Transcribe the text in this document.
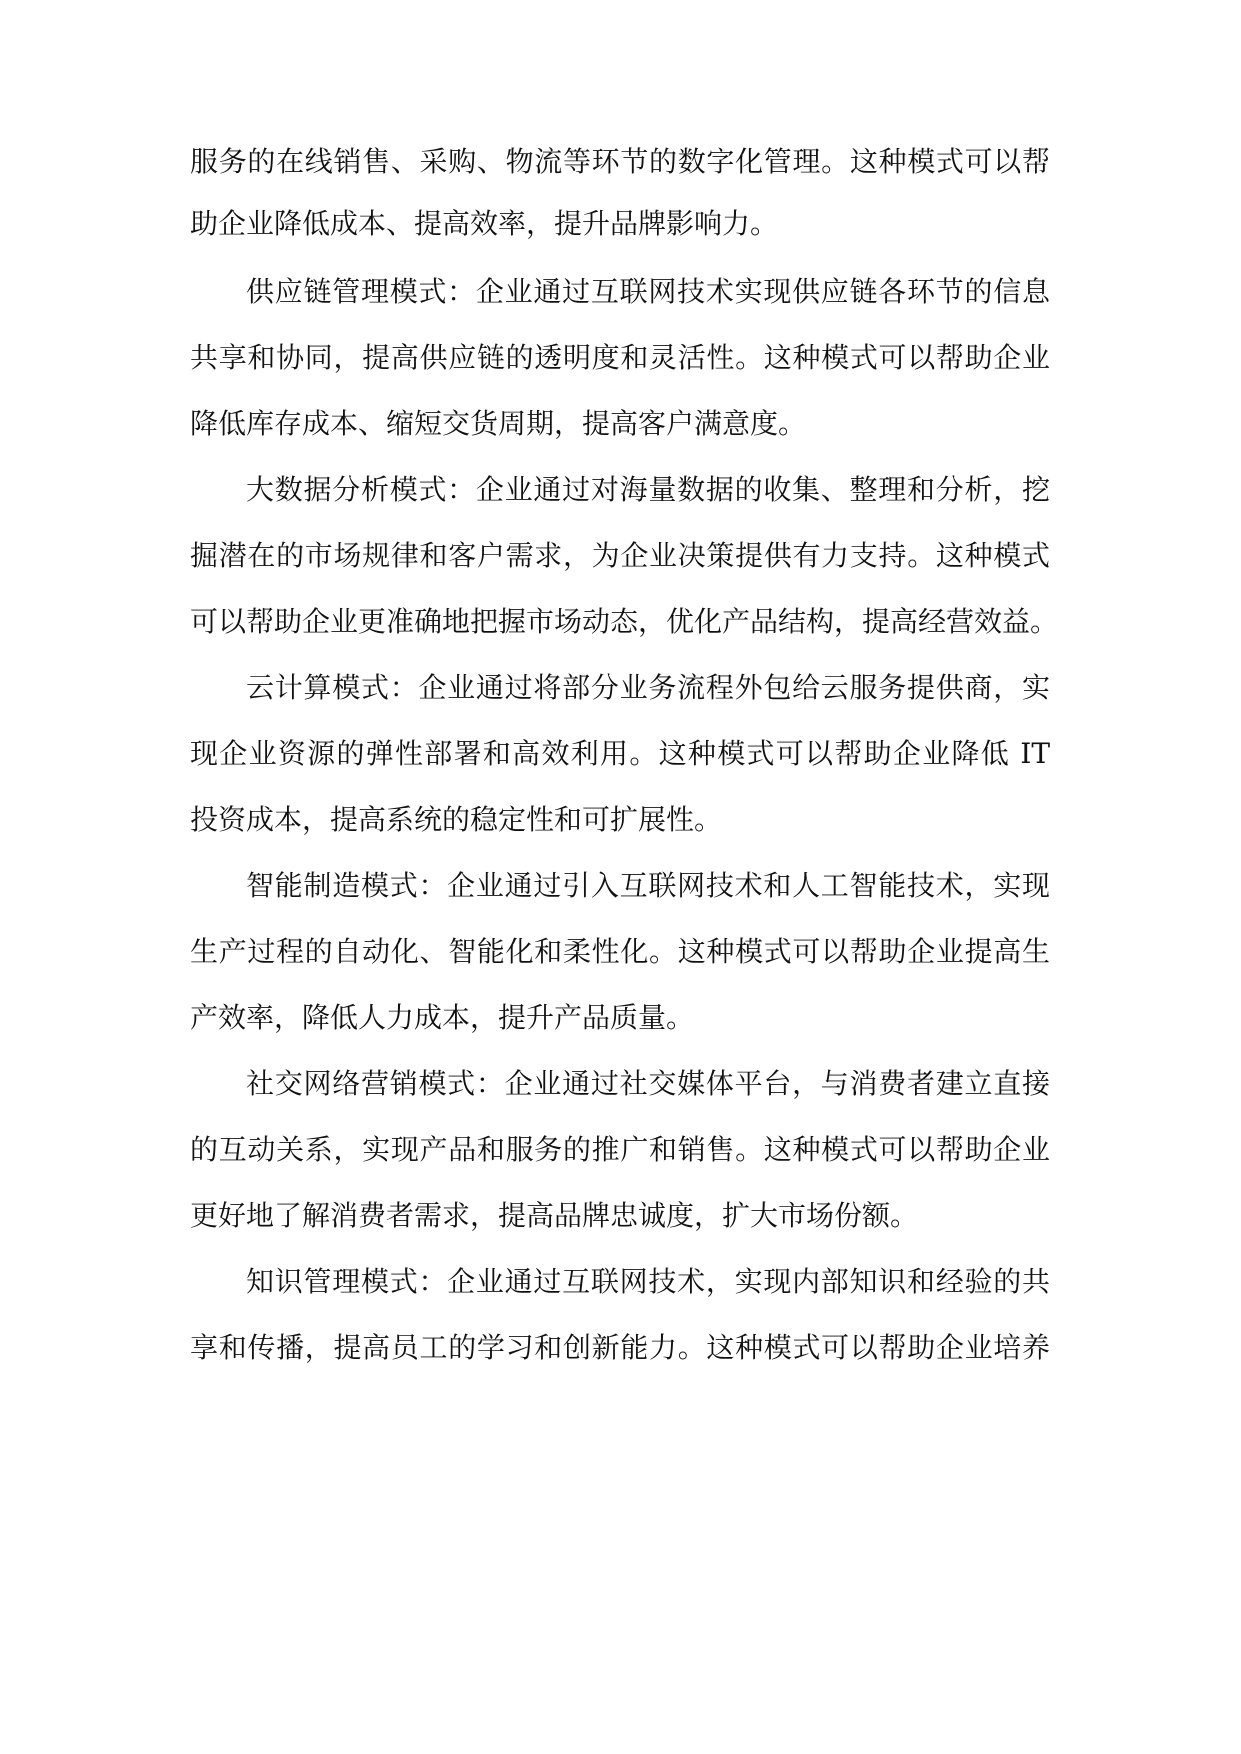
服务的在线销售、采购、物流等环节的数字化管理。这种模式可以帮
助企业降低成本、提高效率，提升品牌影响力。
供应链管理模式：企业通过互联网技术实现供应链各环节的信息
共享和协同，提高供应链的透明度和灵活性。这种模式可以帮助企业
降低库存成本、缩短交货周期，提高客户满意度。
大数据分析模式：企业通过对海量数据的收集、整理和分析，挖
掘潜在的市场规律和客户需求，为企业决策提供有力支持。这种模式
可以帮助企业更准确地把握市场动态，优化产品结构，提高经营效益。
云计算模式：企业通过将部分业务流程外包给云服务提供商，实
现企业资源的弹性部署和高效利用。这种模式可以帮助企业降低 IT
投资成本，提高系统的稳定性和可扩展性。
智能制造模式：企业通过引入互联网技术和人工智能技术，实现
生产过程的自动化、智能化和柔性化。这种模式可以帮助企业提高生
产效率，降低人力成本，提升产品质量。
社交网络营销模式：企业通过社交媒体平台，与消费者建立直接
的互动关系，实现产品和服务的推广和销售。这种模式可以帮助企业
更好地了解消费者需求，提高品牌忠诚度，扩大市场份额。
知识管理模式：企业通过互联网技术，实现内部知识和经验的共
享和传播，提高员工的学习和创新能力。这种模式可以帮助企业培养
